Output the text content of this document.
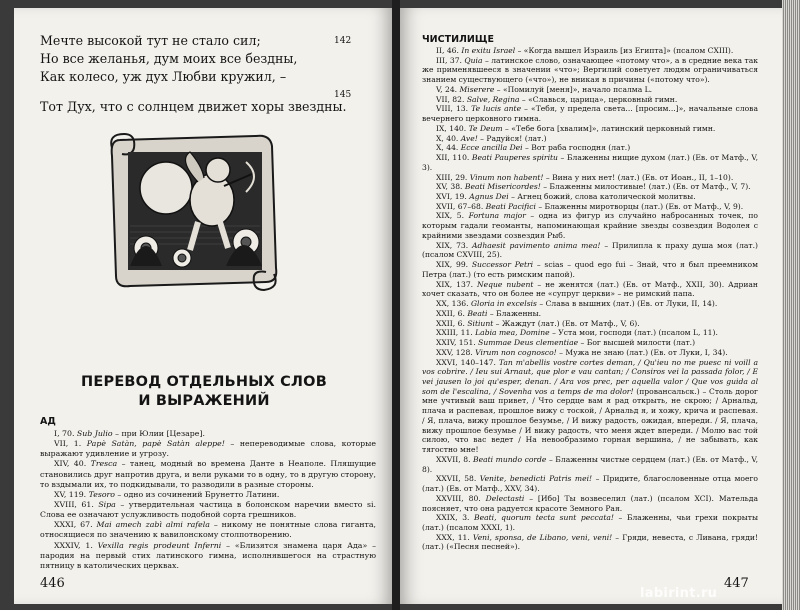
Мечте высокой тут не стало сил;	142
Но все желанья, дум моих все бездны,
Как колесо, уж дух Любви кружил, –
Тот Дух, что с солнцем движет хоры звездны.
145
ПЕРЕВОД ОТДЕЛЬНЫХ СЛОВ
И ВЫРАЖЕНИЙ
АД

I, 70. Sub Julio – при Юлии [Цезаре].

VII, 1. Papè Satàn, papè Satàn aleppe! – непереводимые слова, которые выражают удивление и угрозу.

XIV, 40. Tresca – танец, модный во времена Данте в Неаполе. Пляшущие становились друг напротив друга, и вели руками то в одну, то в другую сторону, то вздымали их, то подкидывали, то разводили в разные стороны.

XV, 119. Tesoro – одно из сочинений Брунетто Латини.

XVIII, 61. Sipa – утвердительная частица в болонском наречии вместо si. Слова ее означают услужливость подобной сорта грешников.

XXXI, 67. Mai amech zabì almi rafela – никому не понятные слова гиганта, относящиеся по значению к вавилонскому столпотворению.

XXXIV, 1. Vexilla regis prodeunt Inferni – «Близятся знамена царя Ада» – пародия на первый стих латинского гимна, исполнявшегося на страстную пятницу в католических церквах.

446
ЧИСТИЛИЩЕ

II, 46. In exitu Israel – «Когда вышел Израиль [из Египта]» (псалом CXIII).

III, 37. Quia – латинское слово, означающее «потому что», а в средние века так же применявшееся в значении «что»; Вергилий советует людям ограничиваться знанием существующего («что»), не вникая в причины («потому что»).

V, 24. Miserere – «Помилуй [меня]», начало псалма L.

VII, 82. Salve, Regina – «Славься, царица», церковный гимн.

VIII, 13. Te lucis ante – «Тебя, у предела света... [просим...]», начальные слова вечернего церковного гимна.

IX, 140. Te Deum – «Тебе бога [хвалим]», латинский церковный гимн.

X, 40. Ave! – Радуйся! (лат.)

X, 44. Ecce ancilla Dei – Вот раба господня (лат.)

XII, 110. Beati Pauperes spiritu – Блаженны нищие духом (лат.) (Ев. от Матф., V, 3).

XIII, 29. Vinum non habent! – Вина у них нет! (лат.) (Ев. от Иоан., II, 1–10).

XV, 38. Beati Misericordes! – Блаженны милостивые! (лат.) (Ев. от Матф., V, 7).

XVI, 19. Agnus Dei – Агнец божий, слова католической молитвы.

XVII, 67–68. Beati Pacifici – Блаженны миротворцы (лат.) (Ев. от Матф., V, 9).

XIX, 5. Fortuna major – одна из фигур из случайно набросанных точек, по которым гадали геоманты, напоминающая крайние звезды созвездия Водолея с крайними звездами созвездия Рыб.

XIX, 73. Adhaesit pavimento anima mea! – Прилипла к праху душа моя (лат.) (псалом CXVIII, 25).

XIX, 99. Successor Petri – scias – quod ego fui – Знай, что я был преемником Петра (лат.) (то есть римским папой).

XIX, 137. Neque nubent – не женятся (лат.) (Ев. от Матф., XXII, 30). Адриан хочет сказать, что он более не «супруг церкви» – не римский папа.

XX, 136. Gloria in excelsis – Слава в вышних (лат.) (Ев. от Луки, II, 14).

XXII, 6. Beati – Блаженны.

XXII, 6. Sitiunt – Жаждут (лат.) (Ев. от Матф., V, 6).

XXIII, 11. Labia mea, Domine – Уста мои, господи (лат.) (псалом L, 11).

XXIV, 151. Summae Deus clementiae – Бог высшей милости (лат.)

XXV, 128. Virum non cognosco! – Мужа не знаю (лат.) (Ев. от Луки, I, 34).

XXVI, 140–147. Tan m'abellis vostre cortes deman, / Qu'ieu no me puesc ni voill a vos cobrire. / Ieu sui Arnaut, que plor e vau cantan; / Consiros vei la passada folor, / E vei jausen lo joi qu'esper, denan. / Ara vos prec, per aquella valor / Que vos guida al som de l'escalina, / Sovenha vos a temps de ma dolor! (провансальск.) – Столь дорог мне учтивый ваш привет, / Что сердце вам я рад открыть, не скрою; / Арнальд, плача и распевая, прошлое вижу с тоской, / Арнальд я, и хожу, крича и распевая. / Я, плача, вижу прошлое безумье, / И вижу радость, ожидая, впереди. / Я, плача, вижу прошлое безумье / И вижу радость, что меня ждет впереди. / Молю вас той силою, что вас ведет / На невообразимо горная вершина, / не забывать, как тягостно мне!

XXVII, 8. Beati mundo corde – Блаженны чистые сердцем (лат.) (Ев. от Матф., V, 8).

XXVII, 58. Venite, benedicti Patris mei! – Придите, благословенные отца моего (лат.) (Ев. от Матф., XXV, 34).

XXVIII, 80. Delectasti – [Ибо] Ты возвеселил (лат.) (псалом XCI). Мательда поясняет, что она радуется красоте Земного Рая.

XXIX, 3. Beati, quorum tecta sunt peccata! – Блаженны, чьи грехи покрыты (лат.) (псалом XXXI, 1).

XXX, 11. Veni, sponsa, de Libano, veni, veni! – Гряди, невеста, с Ливана, гряди! (лат.) («Песня песней»).

447
labirint.ru
